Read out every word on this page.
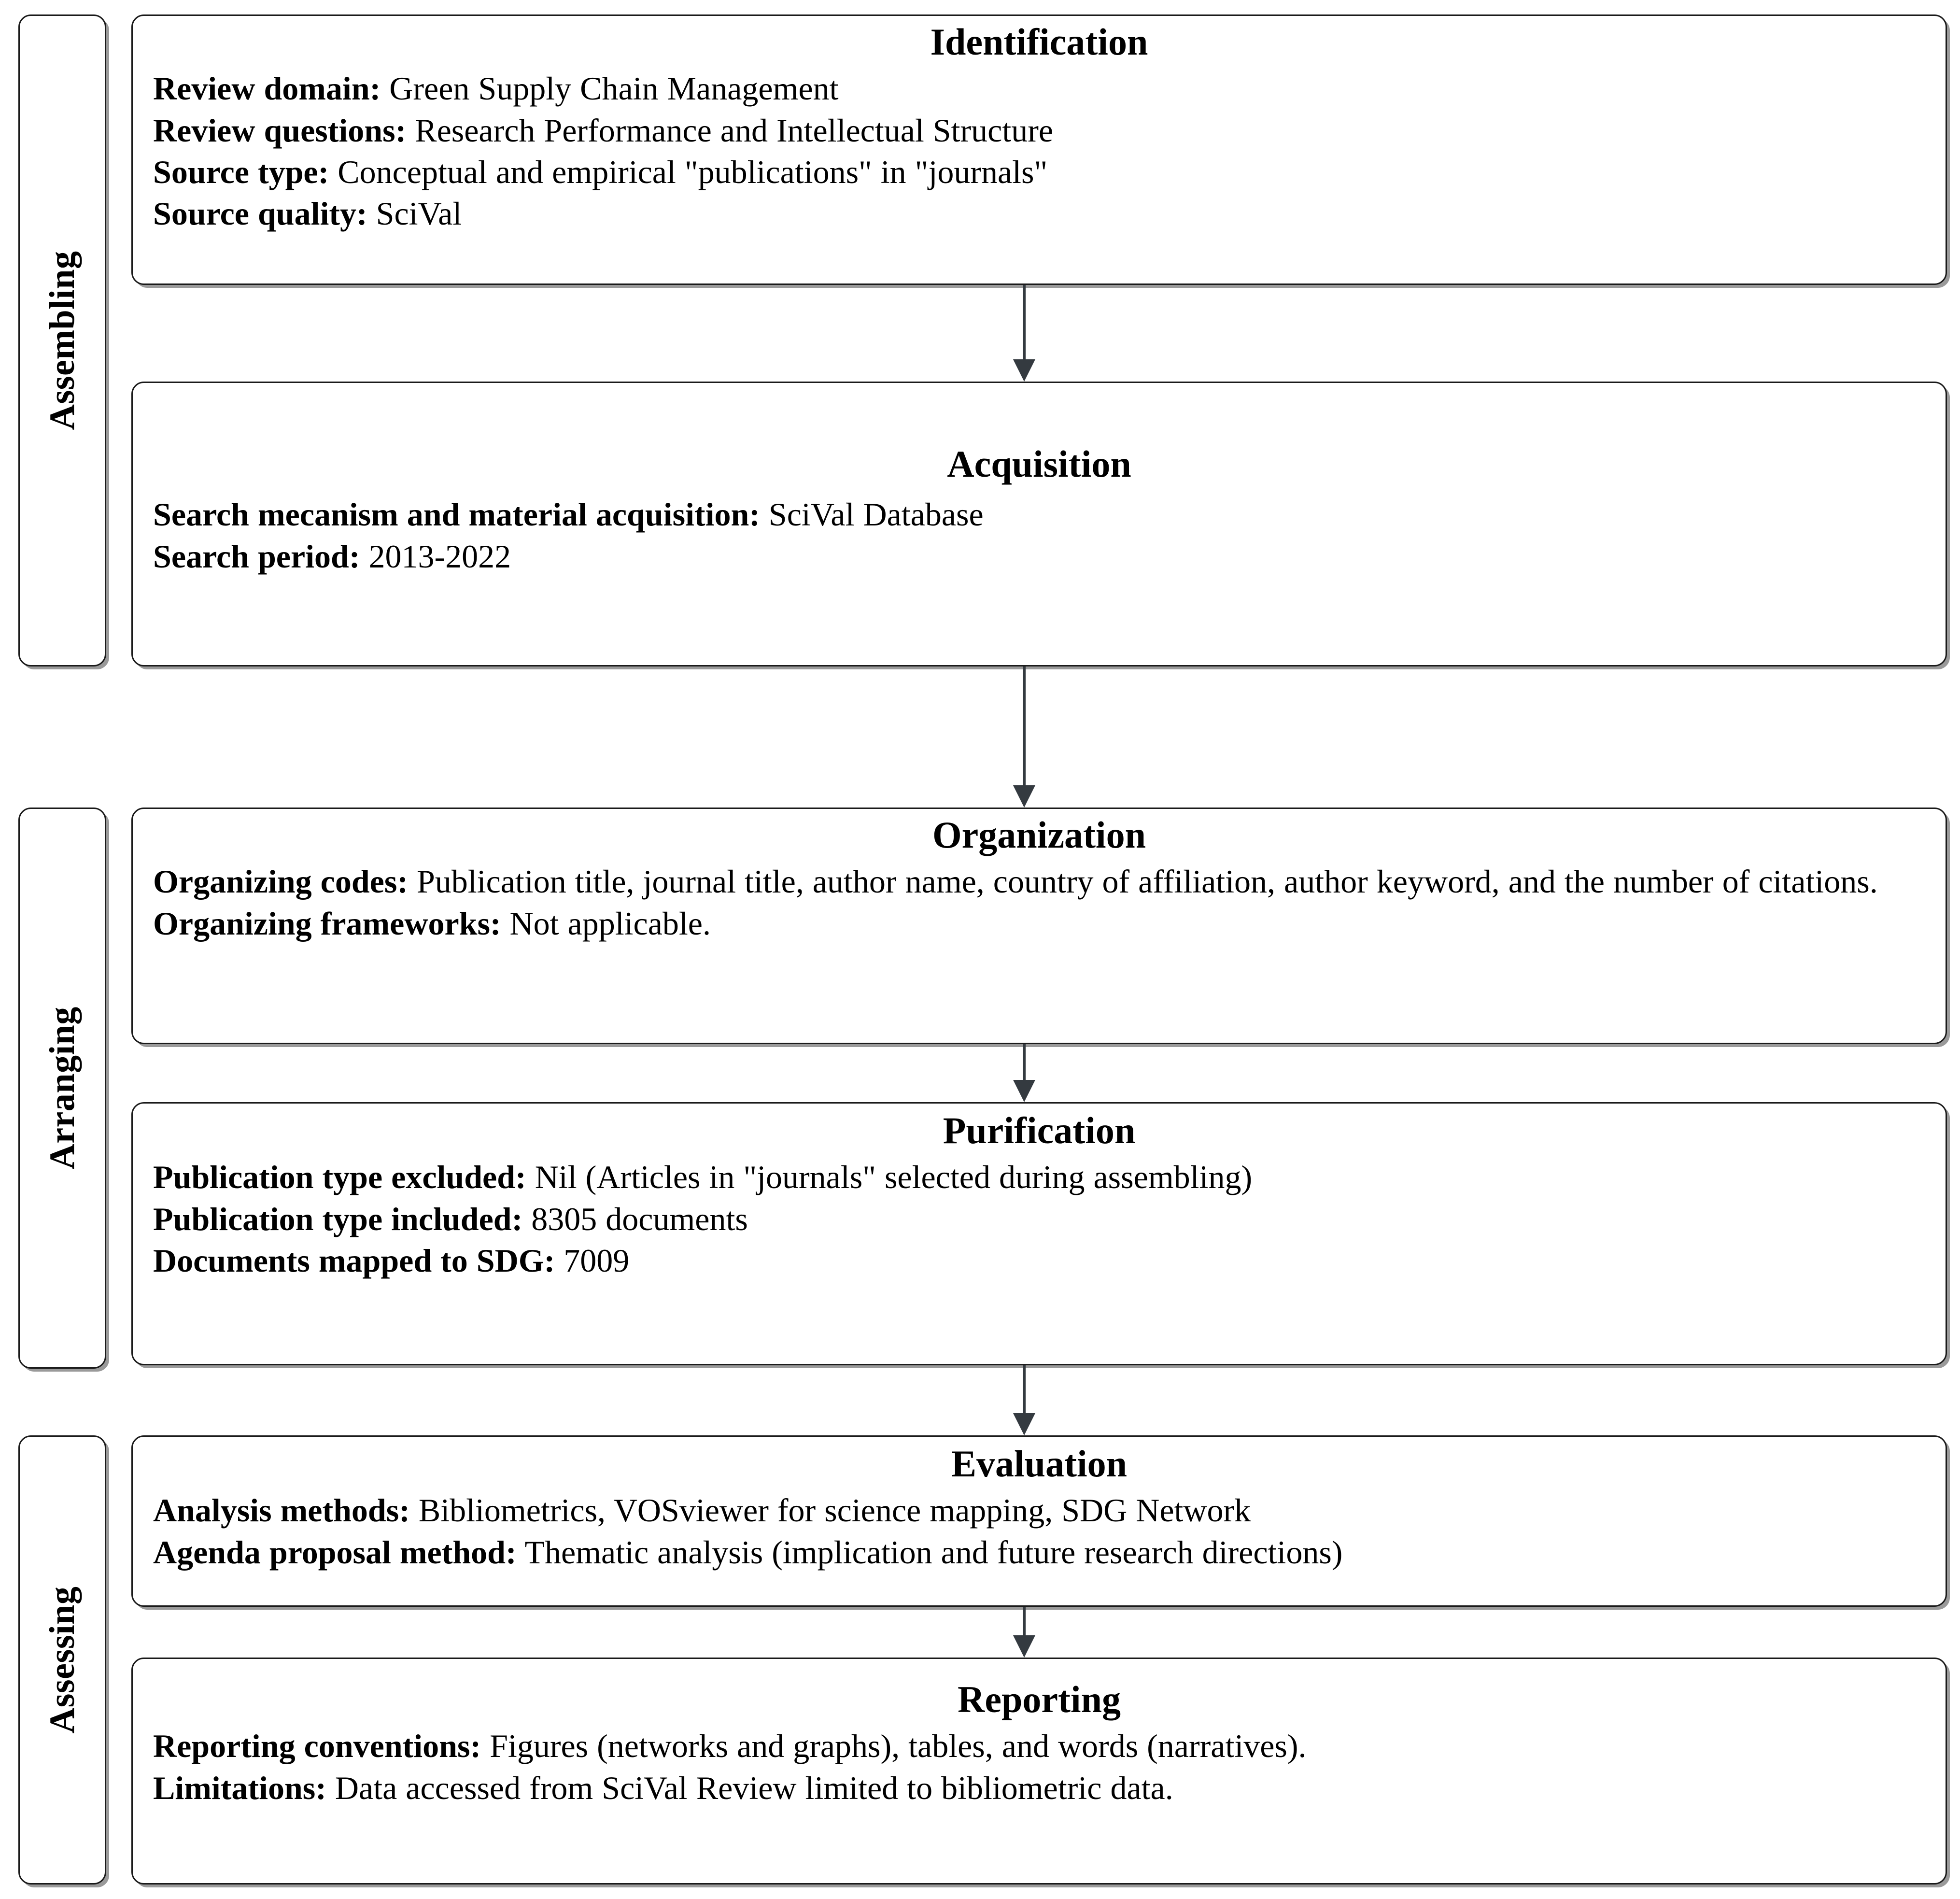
Assembling
Arranging
Assessing
Identification

Review domain: Green Supply Chain Management

Review questions: Research Performance and Intellectual Structure

Source type: Conceptual and empirical "publications" in "journals"

Source quality: SciVal

Acquisition

Search mecanism and material acquisition: SciVal Database

Search period: 2013-2022

Organization

Organizing codes: Publication title, journal title, author name, country of affiliation, author keyword, and the number of citations.

Organizing frameworks: Not applicable.

Purification

Publication type excluded: Nil (Articles in "journals" selected during assembling)

Publication type included: 8305 documents

Documents mapped to SDG: 7009

Evaluation

Analysis methods: Bibliometrics, VOSviewer for science mapping, SDG Network

Agenda proposal method: Thematic analysis (implication and future research directions)

Reporting

Reporting conventions: Figures (networks and graphs), tables, and words (narratives).

Limitations: Data accessed from SciVal Review limited to bibliometric data.
